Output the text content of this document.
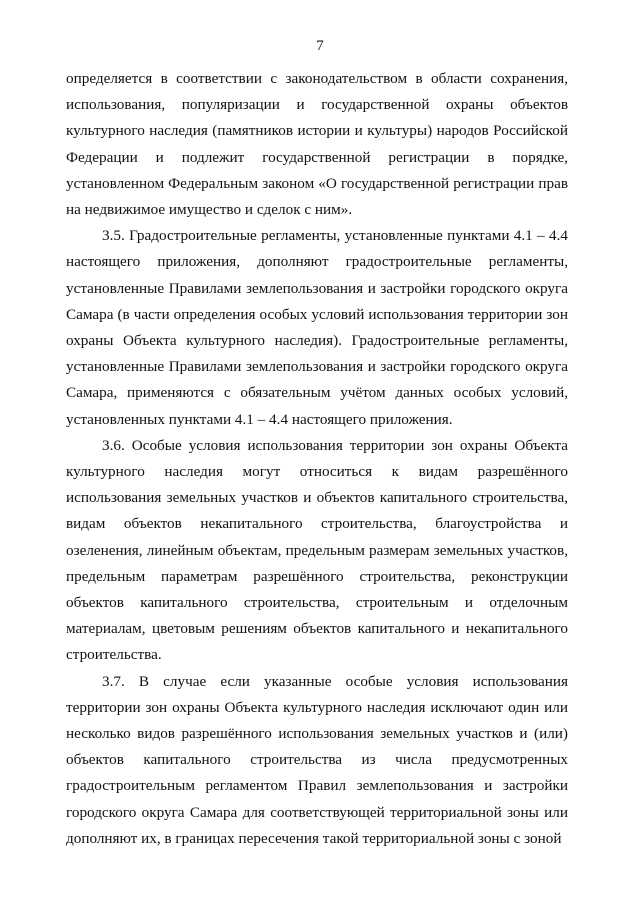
7

определяется в соответствии с законодательством в области сохранения, использования, популяризации и государственной охраны объектов культурного наследия (памятников истории и культуры) народов Российской Федерации и подлежит государственной регистрации в порядке, установленном Федеральным законом «О государственной регистрации прав на недвижимое имущество и сделок с ним».

3.5. Градостроительные регламенты, установленные пунктами 4.1 – 4.4 настоящего приложения, дополняют градостроительные регламенты, установленные Правилами землепользования и застройки городского округа Самара (в части определения особых условий использования территории зон охраны Объекта культурного наследия). Градостроительные регламенты, установленные Правилами землепользования и застройки городского округа Самара, применяются с обязательным учётом данных особых условий, установленных пунктами 4.1 – 4.4 настоящего приложения.

3.6. Особые условия использования территории зон охраны Объекта культурного наследия могут относиться к видам разрешённого использования земельных участков и объектов капитального строительства, видам объектов некапитального строительства, благоустройства и озеленения, линейным объектам, предельным размерам земельных участков, предельным параметрам разрешённого строительства, реконструкции объектов капитального строительства, строительным и отделочным материалам, цветовым решениям объектов капитального и некапитального строительства.

3.7. В случае если указанные особые условия использования территории зон охраны Объекта культурного наследия исключают один или несколько видов разрешённого использования земельных участков и (или) объектов капитального строительства из числа предусмотренных градостроительным регламентом Правил землепользования и застройки городского округа Самара для соответствующей территориальной зоны или дополняют их, в границах пересечения такой территориальной зоны с зоной
